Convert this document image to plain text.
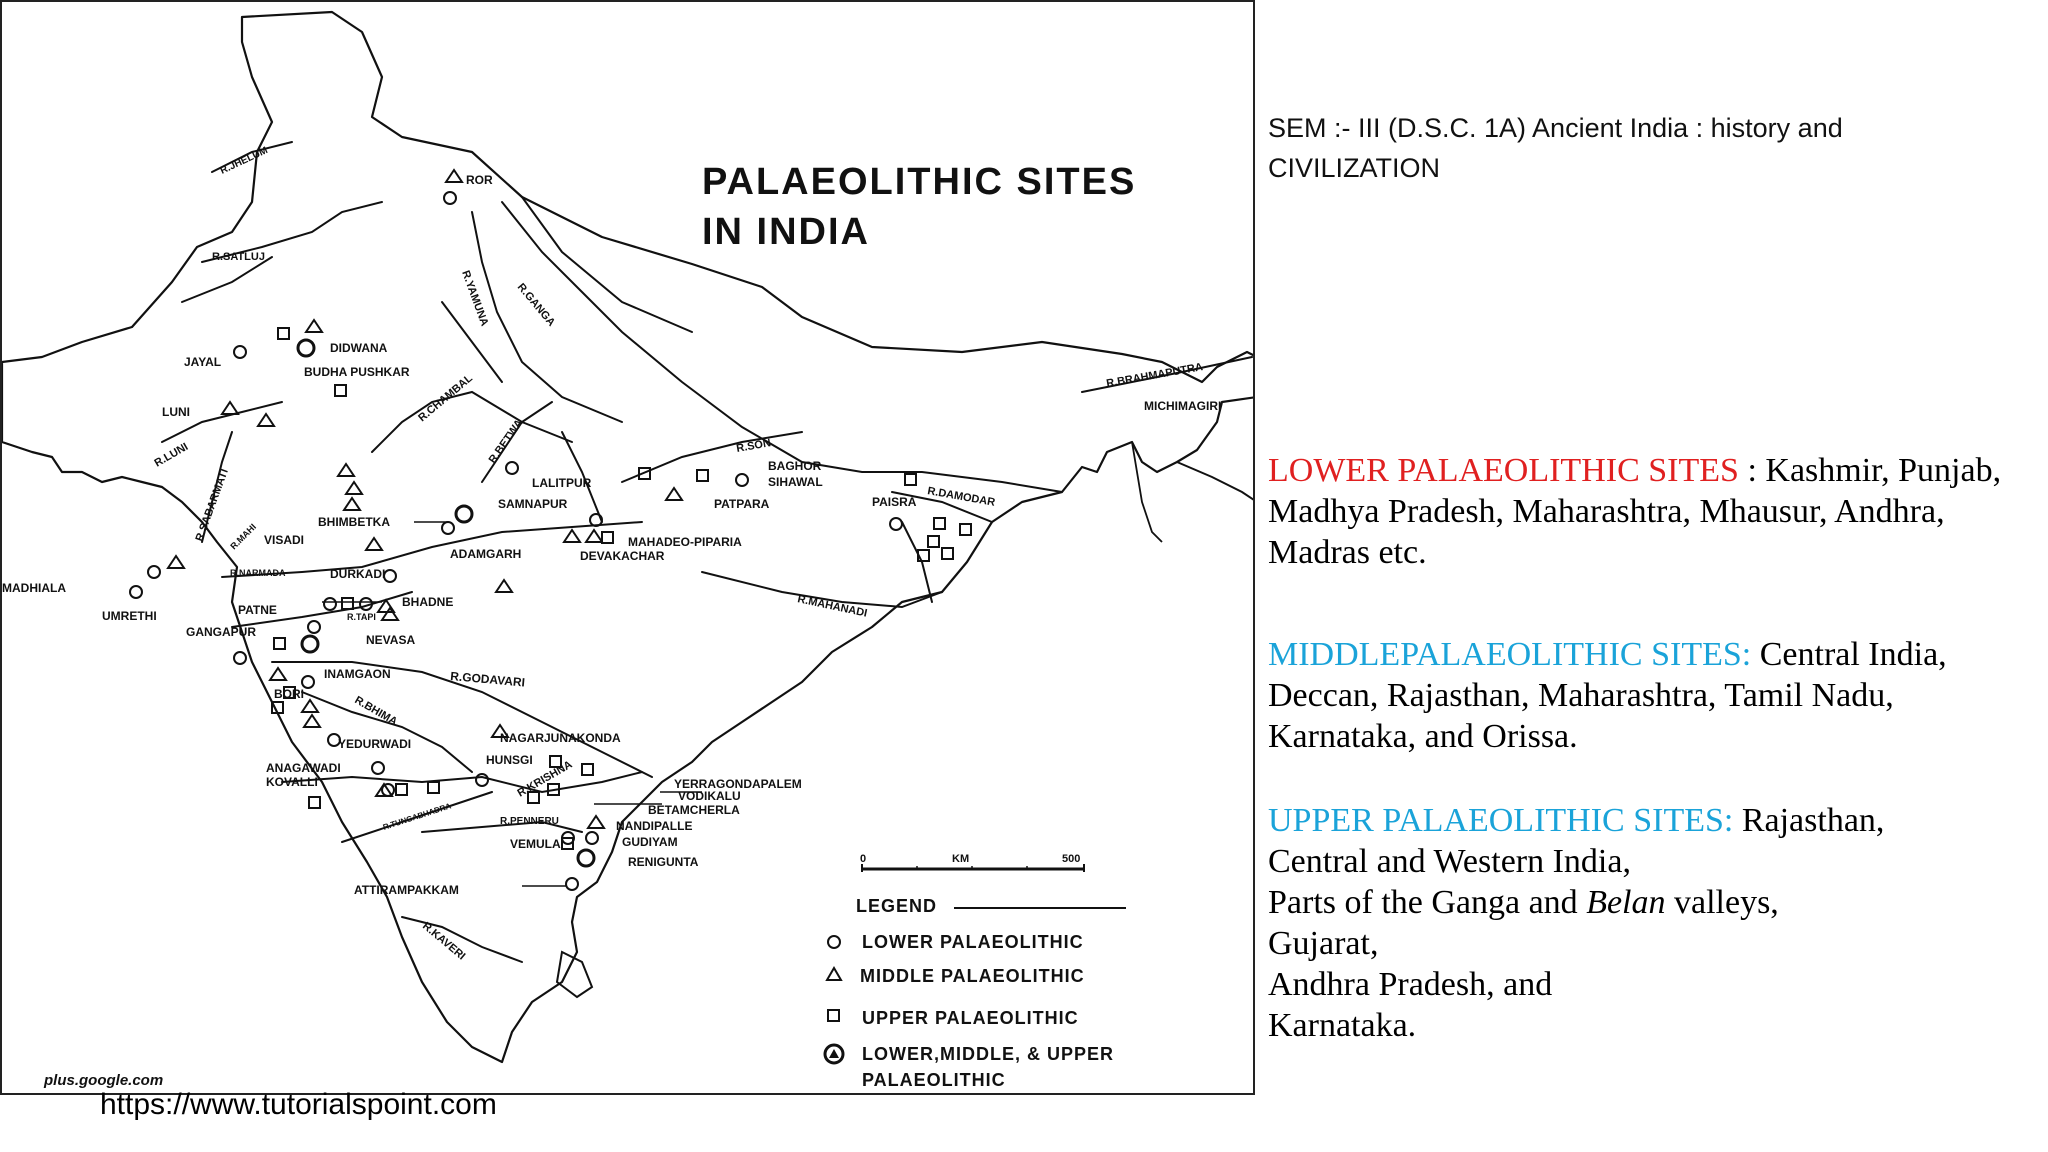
R.JHELUM
R.SATLUJ
R.YAMUNA R.GANGA
R.BRAHMAPUTRA
R.CHAMBAL
R.BETWA	R.SON
R.DAMODAR
R.LUNI
R.SABARMATI
R.MAHI
R.NARMADA
R.TAPI	R.MAHANADI
R.GODAVARI
R.BHIMA
R.KRISHNA
R.TUNGABHADRA	R.PENNERU
R.KAVERI
ROR
DIDWANA
JAYAL
BUDHA PUSHKAR
LUNI	MICHIMAGIRI
LALITPUR
BAGHOR
SIHAWAL
PATPARA	PAISRA
SAMNAPUR
BHIMBETKA
MAHADEO-PIPARIA
DEVAKACHAR
ADAMGARH
VISADI
MADHIALA
DURKADI
UMRETHI	PATNE
BHADNE
GANGAPUR
NEVASA
INAMGAON
BORI
YEDURWADI	NAGARJUNAKONDA
ANAGAWADI
KOVALLI
HUNSGI
YERRAGONDAPALEM
VODIKALU
BETAMCHERLA
NANDIPALLE
GUDIYAM
VEMULA
RENIGUNTA
ATTIRAMPAKKAM
0	KM	500
LEGEND
LOWER PALAEOLITHIC
MIDDLE PALAEOLITHIC
UPPER PALAEOLITHIC
LOWER,MIDDLE, & UPPER
PALAEOLITHIC
PALAEOLITHIC SITES
IN INDIA
plus.google.com
https://www.tutorialspoint.com
SEM :- III (D.S.C. 1A) Ancient India : history and CIVILIZATION
LOWER PALAEOLITHIC SITES : Kashmir, Punjab, Madhya Pradesh, Maharashtra, Mhausur, Andhra, Madras etc.
MIDDLEPALAEOLITHIC SITES: Central India, Deccan, Rajasthan, Maharashtra, Tamil Nadu, Karnataka, and Orissa.
UPPER PALAEOLITHIC SITES: Rajasthan,
Central and Western India,
Parts of the Ganga and Belan valleys,
Gujarat,
Andhra Pradesh, and
Karnataka.
